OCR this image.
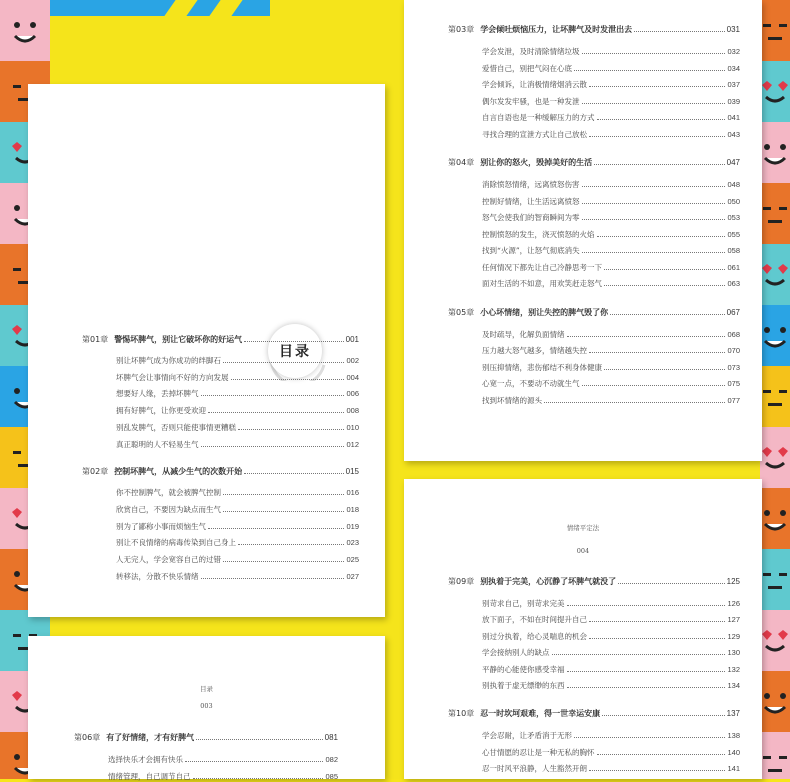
目录
第01章 警惕坏脾气，别让它破坏你的好运气	001
别让坏脾气成为你成功的绊脚石	002
坏脾气会让事情向不好的方向发展	004
想要好人缘，丢掉坏脾气	006
拥有好脾气，让你更受欢迎	008
别乱发脾气，否则只能使事情更糟糕	010
真正聪明的人不轻易生气	012
第02章 控制坏脾气，从减少生气的次数开始	015
你不控制脾气，就会被脾气控制	016
欣赏自己，不要因为缺点而生气	018
别为了鄙称小事而烦恼生气	019
别让不良情绪的病毒传染到自己身上	023
人无完人，学会宽容自己的过错	025
转移法，分散不快乐情绪	027
第03章 学会倾吐烦恼压力，让坏脾气及时发泄出去	031
学会发泄，及时清除情绪垃圾	032
爱惜自己，别把气闷在心底	034
学会倾诉，让消极情绪烟消云散	037
偶尔发发牢骚，也是一种发泄	039
自言自语也是一种缓解压力的方式	041
寻找合理的宣泄方式让自己放松	043
第04章 别让你的怒火，毁掉美好的生活	047
消除愤怒情绪，远离愤怒伤害	048
控制好情绪，让生活远离愤怒	050
怒气会使我们的智商瞬间为零	053
控制愤怒的发生，浇灭愤怒的火焰	055
找到“火源”，让怒气彻底消失	058
任何情况下都先让自己冷静思考一下	061
面对生活的不如意，用欢笑赶走怒气	063
第05章 小心坏情绪，别让失控的脾气毁了你	067
及时疏导，化解负面情绪	068
压力越大怒气越多，情绪越失控	070
别压抑情绪，悲伤郁结不利身体健康	073
心宽一点，不要动不动就生气	075
找到坏情绪的源头	077
情绪平定法
004
第09章 别执着于完美，心沉静了坏脾气就没了	125
别苛求自己，别苛求完美	126
放下面子，不如在时间提升自己	127
别过分执着，给心灵喘息的机会	129
学会接纳别人的缺点	130
平静的心能使你感受幸福	132
别执着于虚无缥缈的东西	134
第10章 忍一时坎坷艰难，得一世幸运安康	137
学会忍耐，让矛盾消于无形	138
心甘情愿的忍让是一种无私的胸怀	140
忍一时风平浪静，人生豁然开朗	141
目录
003
第06章 有了好情绪，才有好脾气	081
选择快乐才会拥有快乐	082
情绪管理，自己调节自己	085
